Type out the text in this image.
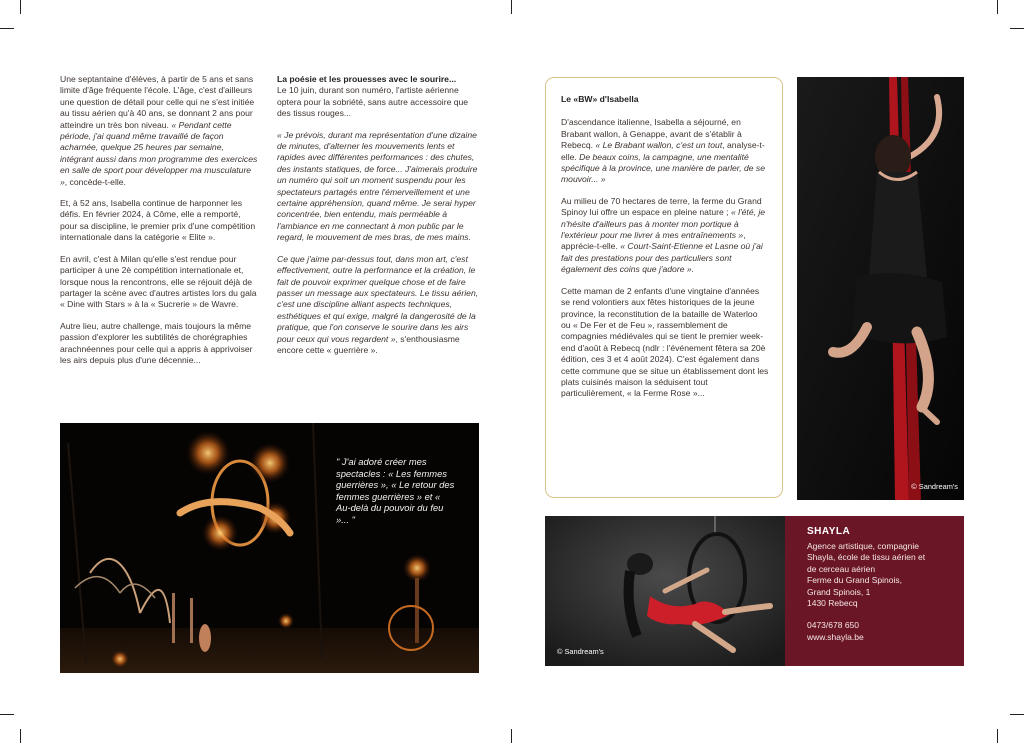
Une septantaine d'élèves, à partir de 5 ans et sans limite d'âge fréquente l'école. L'âge, c'est d'ailleurs une question de détail pour celle qui ne s'est initiée au tissu aérien qu'à 40 ans, se donnant 2 ans pour atteindre un très bon niveau. « Pendant cette période, j'ai quand même travaillé de façon acharnée, quelque 25 heures par semaine, intégrant aussi dans mon programme des exercices en salle de sport pour développer ma musculature », concède-t-elle.

Et, à 52 ans, Isabella continue de harponner les défis. En février 2024, à Côme, elle a remporté, pour sa discipline, le premier prix d'une compétition internationale dans la catégorie « Elite ».

En avril, c'est à Milan qu'elle s'est rendue pour participer à une 2è compétition internationale et, lorsque nous la rencontrons, elle se réjouit déjà de partager la scène avec d'autres artistes lors du gala « Dine with Stars » à la « Sucrerie » de Wavre.

Autre lieu, autre challenge, mais toujours la même passion d'explorer les subtilités de chorégraphies arachnéennes pour celle qui a appris à apprivoiser les airs depuis plus d'une décennie...

La poésie et les prouesses avec le sourire...

Le 10 juin, durant son numéro, l'artiste aérienne optera pour la sobriété, sans autre accessoire que des tissus rouges...

« Je prévois, durant ma représentation d'une dizaine de minutes, d'alterner les mouvements lents et rapides avec différentes performances : des chutes, des instants statiques, de force... J'aimerais produire un numéro qui soit un moment suspendu pour les spectateurs partagés entre l'émerveillement et une certaine appréhension, quand même. Je serai hyper concentrée, bien entendu, mais perméable à l'ambiance en me connectant à mon public par le regard, le mouvement de mes bras, de mes mains.

Ce que j'aime par-dessus tout, dans mon art, c'est effectivement, outre la performance et la création, le fait de pouvoir exprimer quelque chose et de faire passer un message aux spectateurs. Le tissu aérien, c'est une discipline alliant aspects techniques, esthétiques et qui exige, malgré la dangerosité de la pratique, que l'on conserve le sourire dans les airs pour ceux qui vous regardent », s'enthousiasme encore cette « guerrière ».

" J'ai adoré créer mes spectacles : « Les femmes guerrières », « Le retour des femmes guerrières » et « Au-delà du pouvoir du feu »... "
Le «BW» d'Isabella

D'ascendance italienne, Isabella a séjourné, en Brabant wallon, à Genappe, avant de s'établir à Rebecq. « Le Brabant wallon, c'est un tout, analyse-t-elle. De beaux coins, la campagne, une mentalité spécifique à la province, une manière de parler, de se mouvoir... »

Au milieu de 70 hectares de terre, la ferme du Grand Spinoy lui offre un espace en pleine nature ; « l'été, je n'hésite d'ailleurs pas à monter mon portique à l'extérieur pour me livrer à mes entraînements », apprécie-t-elle. « Court-Saint-Etienne et Lasne où j'ai fait des prestations pour des particuliers sont également des coins que j'adore ».

Cette maman de 2 enfants d'une vingtaine d'années se rend volontiers aux fêtes historiques de la jeune province, la reconstitution de la bataille de Waterloo ou « De Fer et de Feu », rassemblement de compagnies médiévales qui se tient le premier week-end d'août à Rebecq (ndlr : l'événement fêtera sa 20è édition, ces 3 et 4 août 2024). C'est également dans cette commune que se situe un établissement dont les plats cuisinés maison la séduisent tout particulièrement, « la Ferme Rose »...

© Sandream's
© Sandream's
SHAYLA
Agence artistique, compagnie
Shayla, école de tissu aérien et
de cerceau aérien
Ferme du Grand Spinois,
Grand Spinois, 1
1430 Rebecq
0473/678 650
www.shayla.be
